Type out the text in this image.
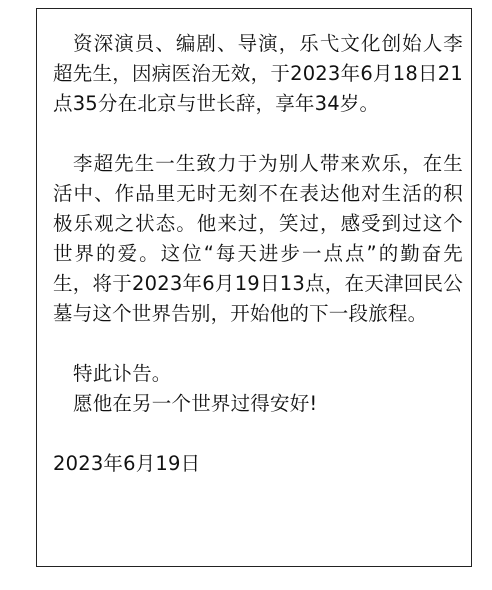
资深演员、编剧、导演，乐弋文化创始人李超先生，因病医治无效，于2023年6月18日21点35分在北京与世长辞，享年34岁。

李超先生一生致力于为别人带来欢乐，在生活中、作品里无时无刻不在表达他对生活的积极乐观之状态。他来过，笑过，感受到过这个世界的爱。这位“每天进步一点点”的勤奋先生，将于2023年6月19日13点，在天津回民公墓与这个世界告别，开始他的下一段旅程。

特此讣告。

愿他在另一个世界过得安好!

2023年6月19日
